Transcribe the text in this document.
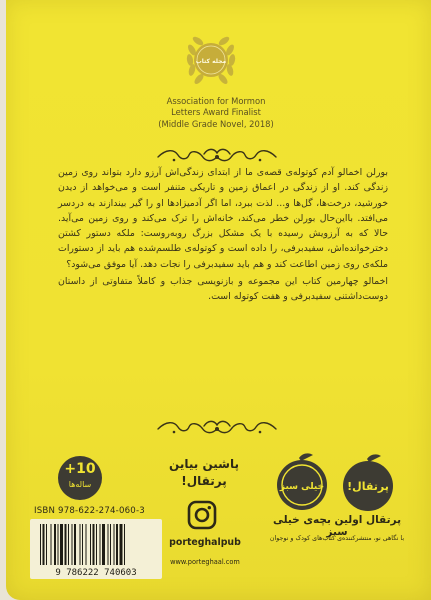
مجله کتاب
Association for Mormon
Letters Award Finalist
(Middle Grade Novel, 2018)

بورلن اخمالو آدم کوتوله‌ی قصه‌ی ما از ابتدای زندگی‌اش آرزو دارد بتواند روی زمین زندگی کند. او از زندگی در اعماق زمین و تاریکی متنفر است و می‌خواهد از دیدن خورشید، درخت‌ها، گل‌ها و... لذت ببرد، اما اگر آدمیزادها او را گیر بیندازند به دردسر می‌افتد. بااین‌حال بورلن خطر می‌کند، خانه‌اش را ترک می‌کند و روی زمین می‌آید. حالا که به آرزویش رسیده با یک مشکل بزرگ روبه‌روست: ملکه دستور کشتن دخترخوانده‌اش، سفیدبرفی، را داده است و کوتوله‌ی طلسم‌شده هم باید از دستورات ملکه‌ی روی زمین اطاعت کند و هم باید سفیدبرفی را نجات دهد. آیا موفق می‌شود؟

اخمالو چهارمین کتاب این مجموعه و بازنویسی جذاب و کاملاً متفاوتی از داستان دوست‌داشتنی سفیدبرفی و هفت کوتوله است.

پرتقال!
خیلی سبز
پرتقال اولین بچه‌ی خیلی سبز
با نگاهی نو، منتشرکننده‌ی کتاب‌های کودک و نوجوان
پاشین بیاین
پرتقال!
porteghalpub
+10
ساله‌ها
ISBN 978-622-274-060-3
9 786222 740603
www.porteghaal.com
